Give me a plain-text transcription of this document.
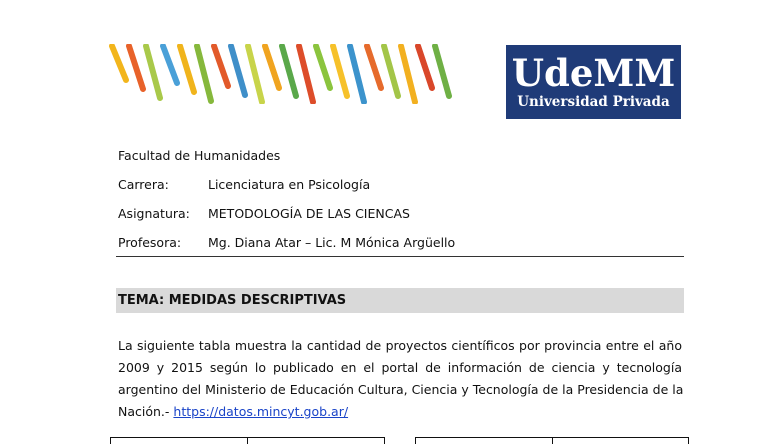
UdeMM
Universidad Privada
Facultad de Humanidades
Carrera:	Licenciatura en Psicología
Asignatura: METODOLOGÍA DE LAS CIENCAS
Profesora: Mg. Diana Atar – Lic. M Mónica Argüello
TEMA: MEDIDAS DESCRIPTIVAS
La siguiente tabla muestra la cantidad de proyectos científicos por provincia entre el año
2009 y 2015 según lo publicado en el portal de información de ciencia y tecnología
argentino del Ministerio de Educación Cultura, Ciencia y Tecnología de la Presidencia de la
Nación.- https://datos.mincyt.gob.ar/
